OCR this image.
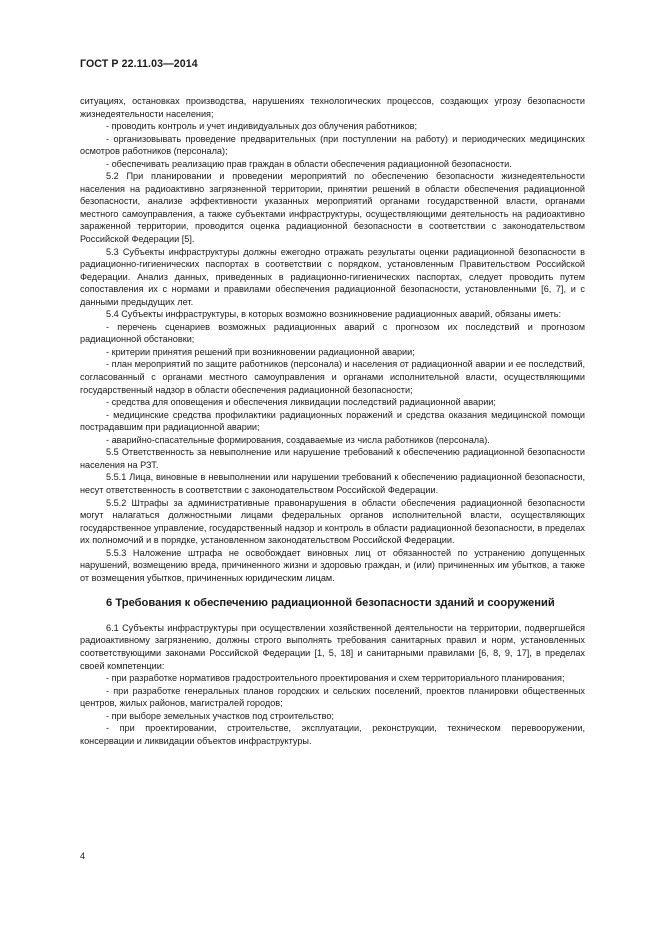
ГОСТ Р 22.11.03—2014

ситуациях, остановках производства, нарушениях технологических процессов, создающих угрозу безопасности жизнедеятельности населения;

- проводить контроль и учет индивидуальных доз облучения работников;

- организовывать проведение предварительных (при поступлении на работу) и периодических медицинских осмотров работников (персонала);

- обеспечивать реализацию прав граждан в области обеспечения радиационной безопасности.

5.2 При планировании и проведении мероприятий по обеспечению безопасности жизнедеятельности населения на радиоактивно загрязненной территории, принятии решений в области обеспечения радиационной безопасности, анализе эффективности указанных мероприятий органами государственной власти, органами местного самоуправления, а также субъектами инфраструктуры, осуществляющими деятельность на радиоактивно зараженной территории, проводится оценка радиационной безопасности в соответствии с законодательством Российской Федерации [5].

5.3 Субъекты инфраструктуры должны ежегодно отражать результаты оценки радиационной безопасности в радиационно-гигиенических паспортах в соответствии с порядком, установленным Правительством Российской Федерации. Анализ данных, приведенных в радиационно-гигиенических паспортах, следует проводить путем сопоставления их с нормами и правилами обеспечения радиационной безопасности, установленными [6, 7], и с данными предыдущих лет.

5.4 Субъекты инфраструктуры, в которых возможно возникновение радиационных аварий, обязаны иметь:

- перечень сценариев возможных радиационных аварий с прогнозом их последствий и прогнозом радиационной обстановки;

- критерии принятия решений при возникновении радиационной аварии;

- план мероприятий по защите работников (персонала) и населения от радиационной аварии и ее последствий, согласованный с органами местного самоуправления и органами исполнительной власти, осуществляющими государственный надзор в области обеспечения радиационной безопасности;

- средства для оповещения и обеспечения ликвидации последствий радиационной аварии;

- медицинские средства профилактики радиационных поражений и средства оказания медицинской помощи пострадавшим при радиационной аварии;

- аварийно-спасательные формирования, создаваемые из числа работников (персонала).

5.5 Ответственность за невыполнение или нарушение требований к обеспечению радиационной безопасности населения на РЗТ.

5.5.1 Лица, виновные в невыполнении или нарушении требований к обеспечению радиационной безопасности, несут ответственность в соответствии с законодательством Российской Федерации.

5.5.2 Штрафы за административные правонарушения в области обеспечения радиационной безопасности могут налагаться должностными лицами федеральных органов исполнительной власти, осуществляющих государственное управление, государственный надзор и контроль в области радиационной безопасности, в пределах их полномочий и в порядке, установленном законодательством Российской Федерации.

5.5.3 Наложение штрафа не освобождает виновных лиц от обязанностей по устранению допущенных нарушений, возмещению вреда, причиненного жизни и здоровью граждан, и (или) причиненных им убытков, а также от возмещения убытков, причиненных юридическим лицам.

6 Требования к обеспечению радиационной безопасности зданий и сооружений

6.1 Субъекты инфраструктуры при осуществлении хозяйственной деятельности на территории, подвергшейся радиоактивному загрязнению, должны строго выполнять требования санитарных правил и норм, установленных соответствующими законами Российской Федерации [1, 5, 18] и санитарными правилами [6, 8, 9, 17], в пределах своей компетенции:

- при разработке нормативов градостроительного проектирования и схем территориального планирования;

- при разработке генеральных планов городских и сельских поселений, проектов планировки общественных центров, жилых районов, магистралей городов;

- при выборе земельных участков под строительство;

- при проектировании, строительстве, эксплуатации, реконструкции, техническом перевооружении, консервации и ликвидации объектов инфраструктуры.

4
